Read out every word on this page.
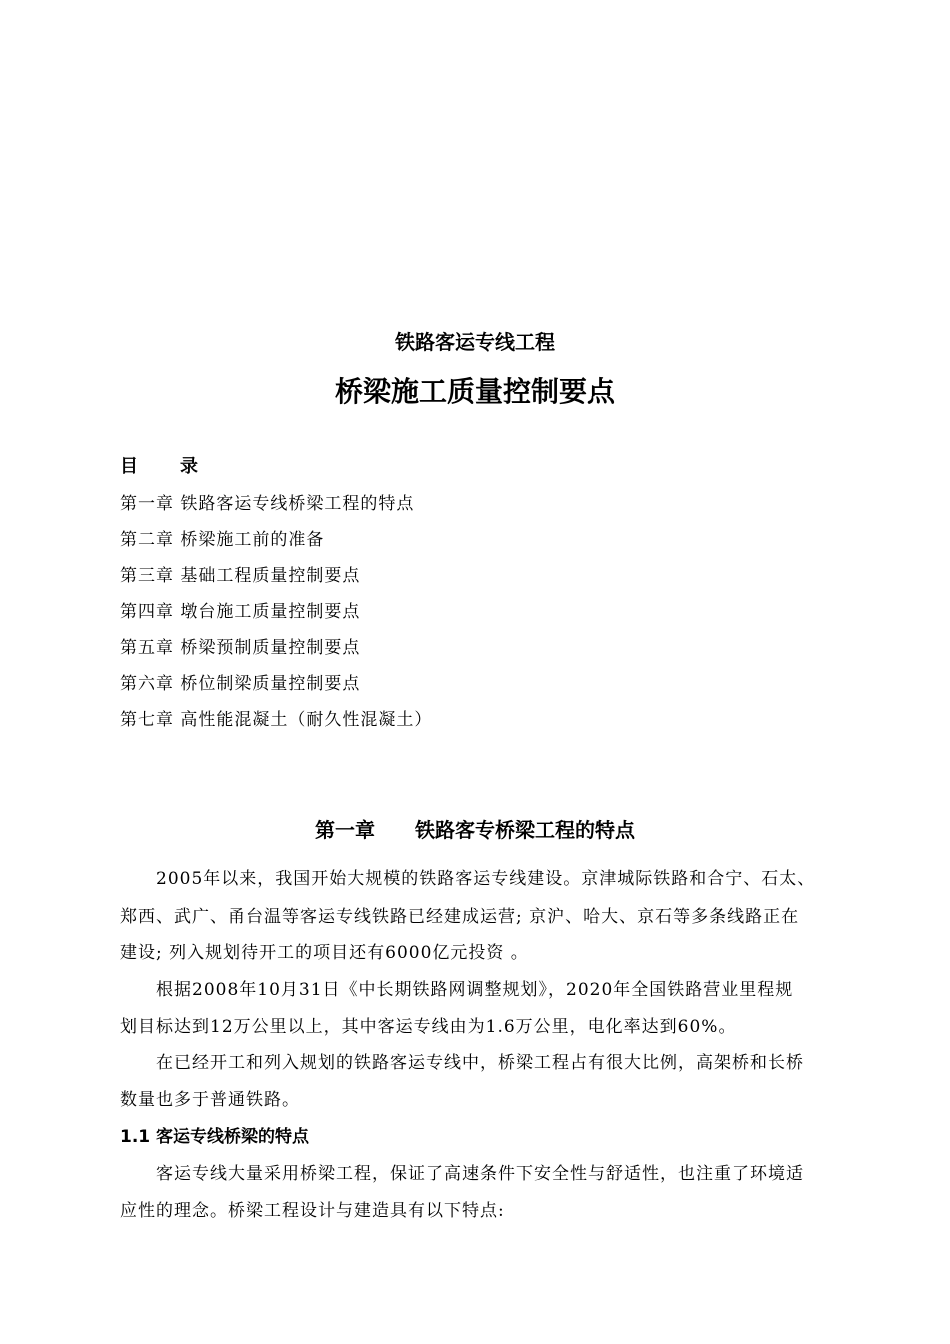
铁路客运专线工程
桥梁施工质量控制要点
目　　录
第一章 铁路客运专线桥梁工程的特点
第二章 桥梁施工前的准备
第三章 基础工程质量控制要点
第四章 墩台施工质量控制要点
第五章 桥梁预制质量控制要点
第六章 桥位制梁质量控制要点
第七章 高性能混凝土（耐久性混凝土）
第一章　　铁路客专桥梁工程的特点
　　2005年以来，我国开始大规模的铁路客运专线建设。京津城际铁路和合宁、石太、
郑西、武广、甬台温等客运专线铁路已经建成运营; 京沪、哈大、京石等多条线路正在
建设; 列入规划待开工的项目还有6000亿元投资 。
　　根据2008年10月31日《中长期铁路网调整规划》，2020年全国铁路营业里程规
划目标达到12万公里以上，其中客运专线由为1.6万公里，电化率达到60%。
　　在已经开工和列入规划的铁路客运专线中，桥梁工程占有很大比例，高架桥和长桥
数量也多于普通铁路。
1.1 客运专线桥梁的特点
　　客运专线大量采用桥梁工程，保证了高速条件下安全性与舒适性，也注重了环境适
应性的理念。桥梁工程设计与建造具有以下特点:
